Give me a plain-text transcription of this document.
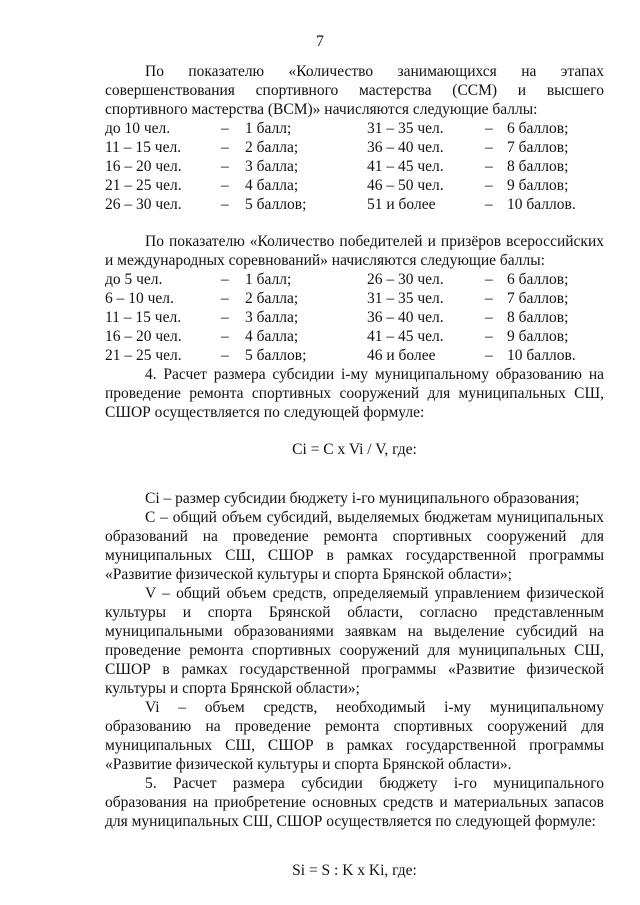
7

По показателю «Количество занимающихся на этапах совершенствования спортивного мастерства (ССМ) и высшего спортивного мастерства (ВСМ)» начисляются следующие баллы:

до 10 чел.	–	1 балл;	31 – 35 чел.	–	6 баллов;
11 – 15 чел.	–	2 балла;	36 – 40 чел.	–	7 баллов;
16 – 20 чел.	–	3 балла;	41 – 45 чел.	–	8 баллов;
21 – 25 чел.	–	4 балла;	46 – 50 чел.	–	9 баллов;
26 – 30 чел.	–	5 баллов;	51 и более	–	10 баллов.

По показателю «Количество победителей и призёров всероссийских и международных соревнований» начисляются следующие баллы:

до 5 чел.	–	1 балл;	26 – 30 чел.	–	6 баллов;
6 – 10 чел.	–	2 балла;	31 – 35 чел.	–	7 баллов;
11 – 15 чел.	–	3 балла;	36 – 40 чел.	–	8 баллов;
16 – 20 чел.	–	4 балла;	41 – 45 чел.	–	9 баллов;
21 – 25 чел.	–	5 баллов;	46 и более	–	10 баллов.

4. Расчет размера субсидии i-му муниципальному образованию на проведение ремонта спортивных сооружений для муниципальных СШ, СШОР осуществляется по следующей формуле:

Ci = C x Vi / V, где:

Ci – размер субсидии бюджету i-го муниципального образования;

С – общий объем субсидий, выделяемых бюджетам муниципальных образований на проведение ремонта спортивных сооружений для муниципальных СШ, СШОР в рамках государственной программы «Развитие физической культуры и спорта Брянской области»;

V – общий объем средств, определяемый управлением физической культуры и спорта Брянской области, согласно представленным муниципальными образованиями заявкам на выделение субсидий на проведение ремонта спортивных сооружений для муниципальных СШ, СШОР в рамках государственной программы «Развитие физической культуры и спорта Брянской области»;

Vi – объем средств, необходимый i-му муниципальному образованию на проведение ремонта спортивных сооружений для муниципальных СШ, СШОР в рамках государственной программы «Развитие физической культуры и спорта Брянской области».

5. Расчет размера субсидии бюджету i-го муниципального образования на приобретение основных средств и материальных запасов для муниципальных СШ, СШОР осуществляется по следующей формуле:

Si = S : K x Ki, где:
